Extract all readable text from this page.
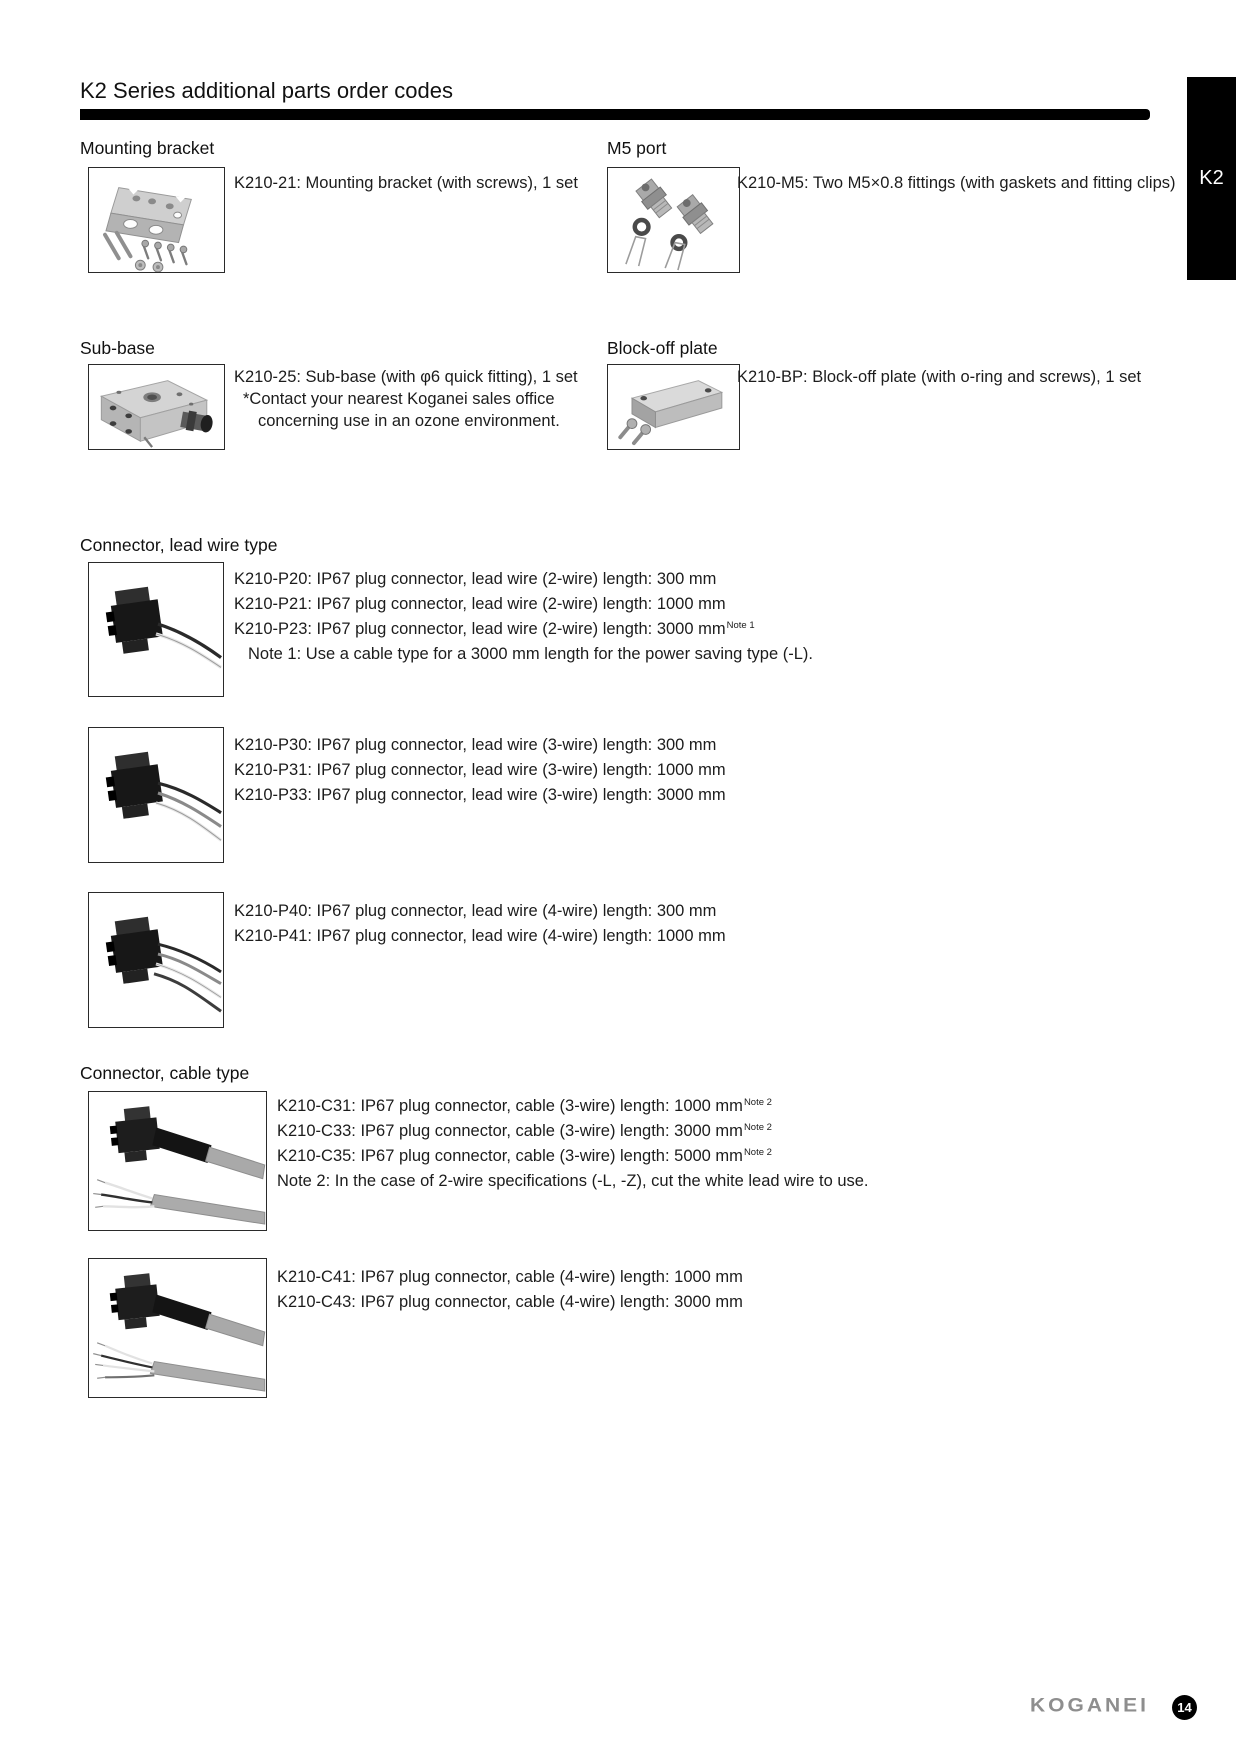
K2 Series additional parts order codes
K2
Mounting bracket
K210-21: Mounting bracket (with screws), 1 set
M5 port
K210-M5: Two M5×0.8 fittings (with gaskets and fitting clips)
Sub-base
K210-25: Sub-base (with φ6 quick fitting), 1 set
*Contact your nearest Koganei sales office
concerning use in an ozone environment.
Block-off plate
K210-BP: Block-off plate (with o-ring and screws), 1 set
Connector, lead wire type
K210-P20: IP67 plug connector, lead wire (2-wire) length: 300 mm
K210-P21: IP67 plug connector, lead wire (2-wire) length: 1000 mm
K210-P23: IP67 plug connector, lead wire (2-wire) length: 3000 $mm^{Note 1}$
Note 1: Use a cable type for a 3000 mm length for the power saving type (-L).
K210-P30: IP67 plug connector, lead wire (3-wire) length: 300 mm
K210-P31: IP67 plug connector, lead wire (3-wire) length: 1000 mm
K210-P33: IP67 plug connector, lead wire (3-wire) length: 3000 mm
K210-P40: IP67 plug connector, lead wire (4-wire) length: 300 mm
K210-P41: IP67 plug connector, lead wire (4-wire) length: 1000 mm
Connector, cable type
K210-C31: IP67 plug connector, cable (3-wire) length: 1000 $mm^{Note 2}$
K210-C33: IP67 plug connector, cable (3-wire) length: 3000 $mm^{Note 2}$
K210-C35: IP67 plug connector, cable (3-wire) length: 5000 $mm^{Note 2}$
Note 2: In the case of 2-wire specifications (-L, -Z), cut the white lead wire to use.
K210-C41: IP67 plug connector, cable (4-wire) length: 1000 mm
K210-C43: IP67 plug connector, cable (4-wire) length: 3000 mm
KOGANEI 14
